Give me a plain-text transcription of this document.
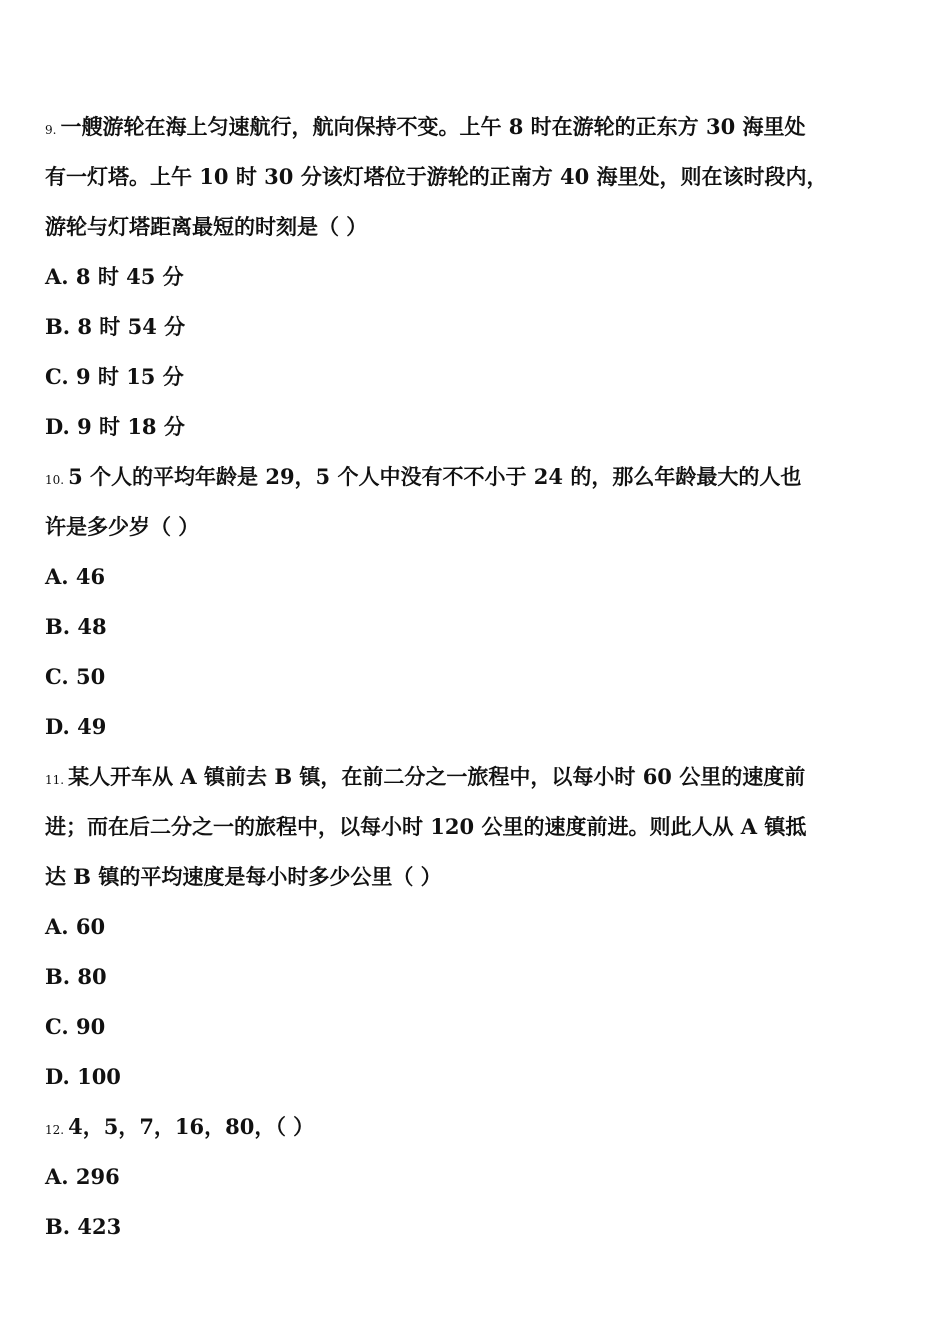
9. 一艘游轮在海上匀速航行，航向保持不变。上午 8 时在游轮的正东方 30 海里处
有一灯塔。上午 10 时 30 分该灯塔位于游轮的正南方 40 海里处，则在该时段内，
游轮与灯塔距离最短的时刻是（ ）
A. 8 时 45 分
B. 8 时 54 分
C. 9 时 15 分
D. 9 时 18 分
10. 5 个人的平均年龄是 29，5 个人中没有不不小于 24 的，那么年龄最大的人也
许是多少岁（ ）
A. 46
B. 48
C. 50
D. 49
11. 某人开车从 A 镇前去 B 镇，在前二分之一旅程中，以每小时 60 公里的速度前
进；而在后二分之一的旅程中，以每小时 120 公里的速度前进。则此人从 A 镇抵
达 B 镇的平均速度是每小时多少公里（ ）
A. 60
B. 80
C. 90
D. 100
12. 4，5，7，16，80，（ ）
A. 296
B. 423
